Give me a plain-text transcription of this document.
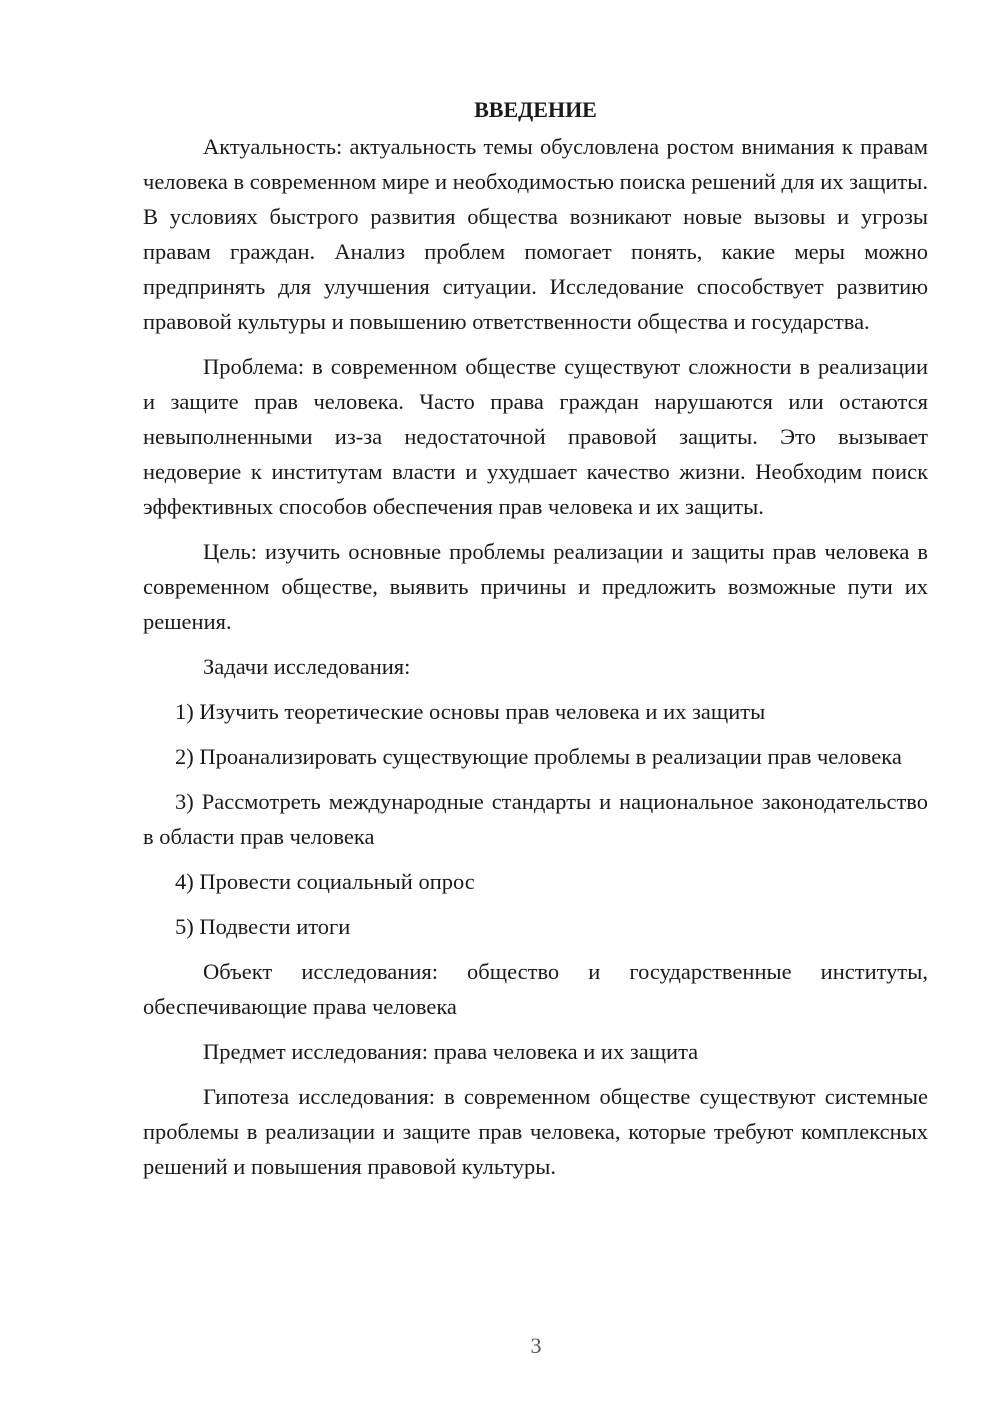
ВВЕДЕНИЕ

Актуальность: актуальность темы обусловлена ростом внимания к правам человека в современном мире и необходимостью поиска решений для их защиты. В условиях быстрого развития общества возникают новые вызовы и угрозы правам граждан. Анализ проблем помогает понять, какие меры можно предпринять для улучшения ситуации. Исследование способствует развитию правовой культуры и повышению ответственности общества и государства.

Проблема: в современном обществе существуют сложности в реализации и защите прав человека. Часто права граждан нарушаются или остаются невыполненными из-за недостаточной правовой защиты. Это вызывает недоверие к институтам власти и ухудшает качество жизни. Необходим поиск эффективных способов обеспечения прав человека и их защиты.

Цель: изучить основные проблемы реализации и защиты прав человека в современном обществе, выявить причины и предложить возможные пути их решения.

Задачи исследования:

1) Изучить теоретические основы прав человека и их защиты

2) Проанализировать существующие проблемы в реализации прав человека

3) Рассмотреть международные стандарты и национальное законодательство в области прав человека

4) Провести социальный опрос

5) Подвести итоги

Объект исследования: общество и государственные институты, обеспечивающие права человека

Предмет исследования: права человека и их защита

Гипотеза исследования: в современном обществе существуют системные проблемы в реализации и защите прав человека, которые требуют комплексных решений и повышения правовой культуры.

3
